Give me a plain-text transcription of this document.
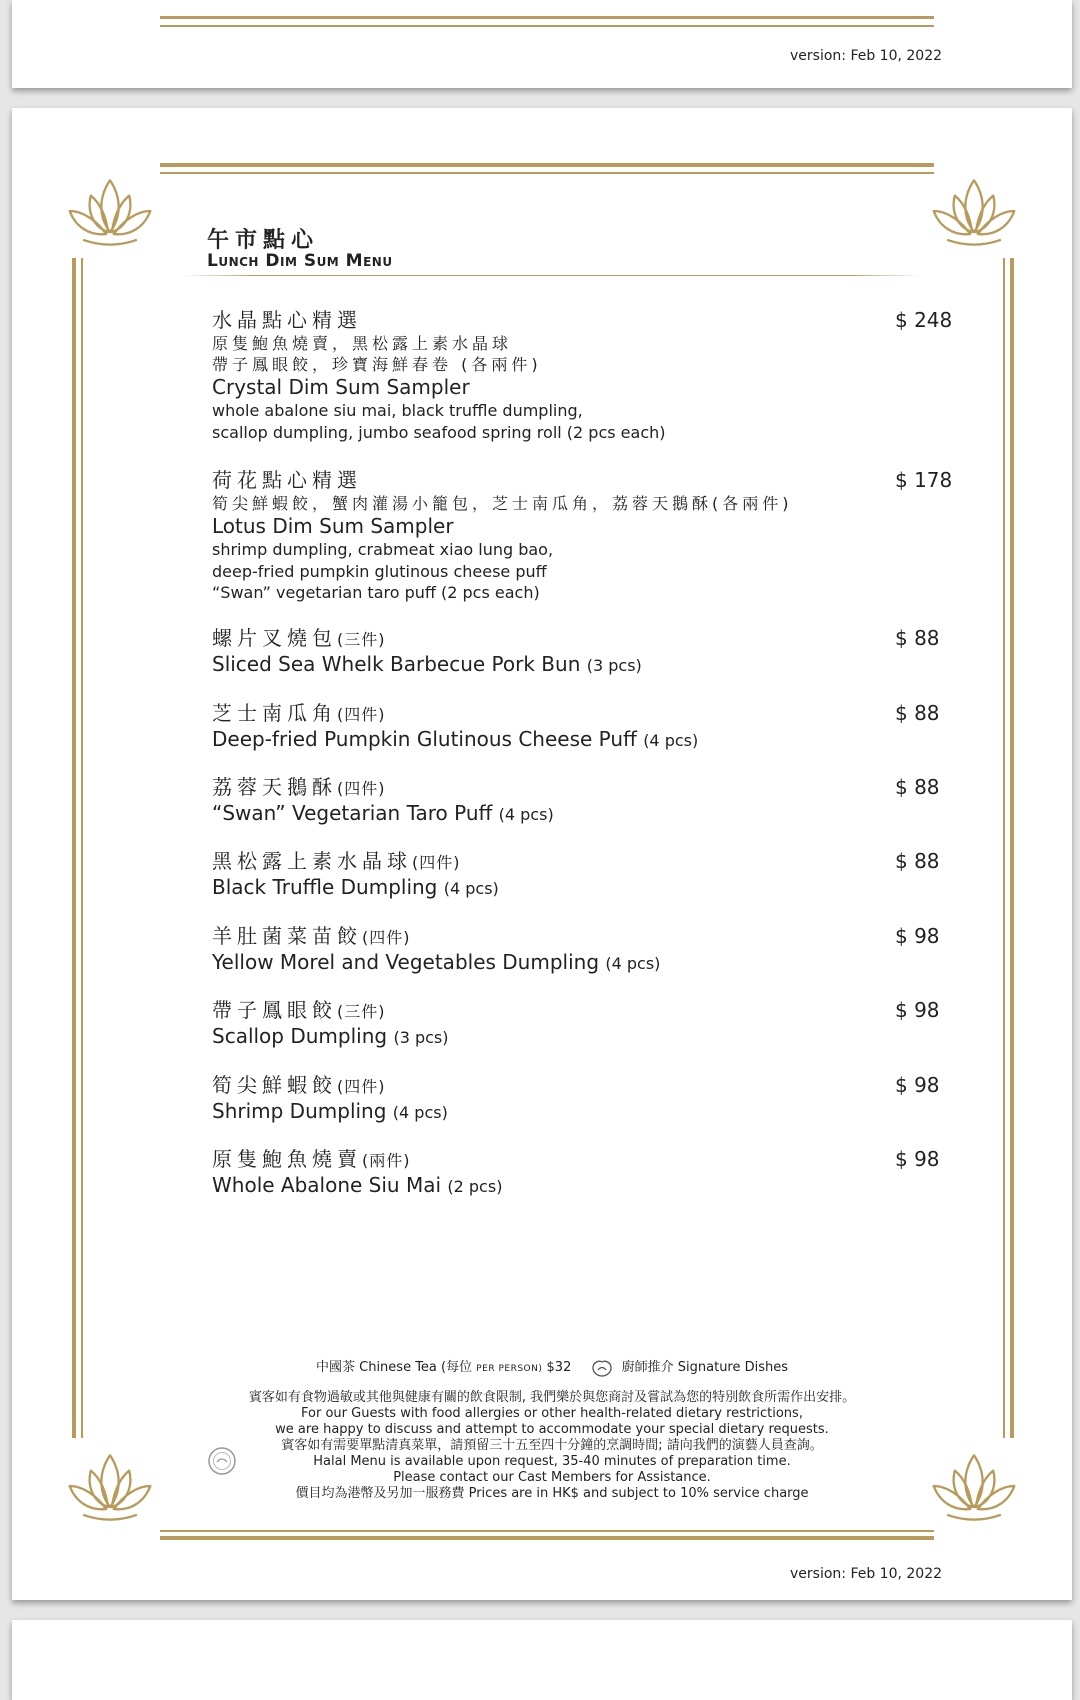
version: Feb 10, 2022
午市點心
Lunch Dim Sum Menu
水晶點心精選
原隻鮑魚燒賣，黑松露上素水晶球
帶子鳳眼餃，珍寶海鮮春卷 (各兩件)
Crystal Dim Sum Sampler
whole abalone siu mai, black truffle dumpling,
scallop dumpling, jumbo seafood spring roll (2 pcs each)
$ 248
荷花點心精選
筍尖鮮蝦餃，蟹肉灌湯小籠包，芝士南瓜角，荔蓉天鵝酥(各兩件)
Lotus Dim Sum Sampler
shrimp dumpling, crabmeat xiao lung bao,
deep-fried pumpkin glutinous cheese puff
“Swan” vegetarian taro puff (2 pcs each)
$ 178
螺片叉燒包(三件)
Sliced Sea Whelk Barbecue Pork Bun (3 pcs)
$ 88
芝士南瓜角(四件)
Deep-fried Pumpkin Glutinous Cheese Puff (4 pcs)
$ 88
荔蓉天鵝酥(四件)
“Swan” Vegetarian Taro Puff (4 pcs)
$ 88
黑松露上素水晶球(四件)
Black Truffle Dumpling (4 pcs)
$ 88
羊肚菌菜苗餃(四件)
Yellow Morel and Vegetables Dumpling (4 pcs)
$ 98
帶子鳳眼餃(三件)
Scallop Dumpling (3 pcs)
$ 98
筍尖鮮蝦餃(四件)
Shrimp Dumpling (4 pcs)
$ 98
原隻鮑魚燒賣(兩件)
Whole Abalone Siu Mai (2 pcs)
$ 98
中國茶 Chinese Tea (每位 PER PERSON) $32	廚師推介 Signature Dishes
賓客如有食物過敏或其他與健康有關的飲食限制, 我們樂於與您商討及嘗試為您的特別飲食所需作出安排。
For our Guests with food allergies or other health-related dietary restrictions,
we are happy to discuss and attempt to accommodate your special dietary requests.
賓客如有需要單點清真菜單，請預留三十五至四十分鐘的烹調時間; 請向我們的演藝人員查詢。
Halal Menu is available upon request, 35-40 minutes of preparation time.
Please contact our Cast Members for Assistance.
價目均為港幣及另加一服務費 Prices are in HK$ and subject to 10% service charge
version: Feb 10, 2022
